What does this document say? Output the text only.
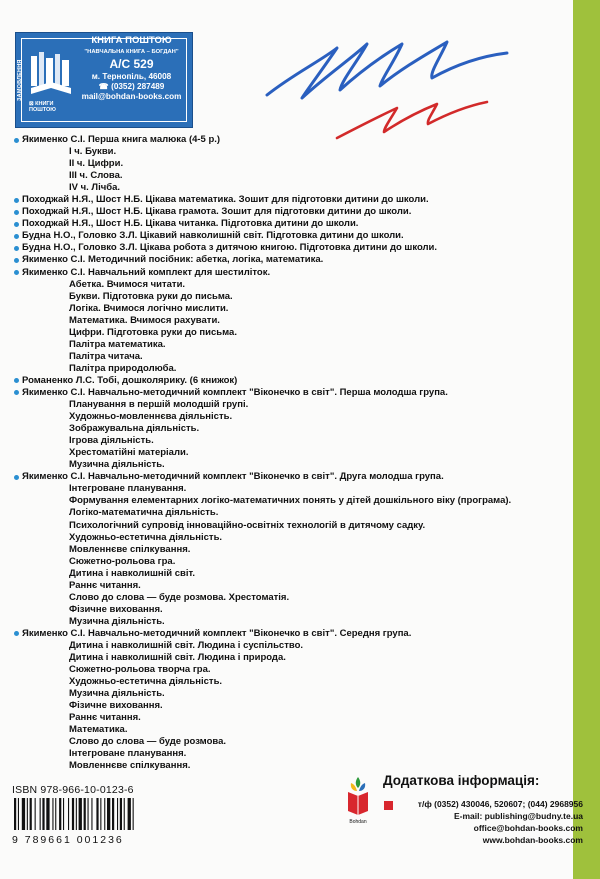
ЗАМОВЛЕННЯ
КНИГА ПОШТОЮ
"НАВЧАЛЬНА КНИГА – БОГДАН"
А/С 529
м. Тернопіль, 46008
☎ (0352) 287489
mail@bohdan-books.com
⊠ КНИГИ ПОШТОЮ
Якименко С.І. Перша книга малюка (4-5 р.)
I ч. Букви.
II ч. Цифри.
III ч. Слова.
IV ч. Лічба.
Походжай Н.Я., Шост Н.Б. Цікава математика. Зошит для підготовки дитини до школи.
Походжай Н.Я., Шост Н.Б. Цікава грамота. Зошит для підготовки дитини до школи.
Походжай Н.Я., Шост Н.Б. Цікава читанка. Підготовка дитини до школи.
Будна Н.О., Головко З.Л. Цікавий навколишній світ. Підготовка дитини до школи.
Будна Н.О., Головко З.Л. Цікава робота з дитячою книгою. Підготовка дитини до школи.
Якименко С.І. Методичний посібник: абетка, логіка, математика.
Якименко С.І. Навчальний комплект для шестиліток.
Абетка. Вчимося читати.
Букви. Підготовка руки до письма.
Логіка. Вчимося логічно мислити.
Математика. Вчимося рахувати.
Цифри. Підготовка руки до письма.
Палітра математика.
Палітра читача.
Палітра природолюба.
Романенко Л.С. Тобі, дошколярику. (6 книжок)
Якименко С.І. Навчально-методичний комплект "Віконечко в світ". Перша молодша група.
Планування в першій молодшій групі.
Художньо-мовленнєва діяльність.
Зображувальна діяльність.
Ігрова діяльність.
Хрестоматійні матеріали.
Музична діяльність.
Якименко С.І. Навчально-методичний комплект "Віконечко в світ". Друга молодша група.
Інтегроване планування.
Формування елементарних логіко-математичних понять у дітей дошкільного віку (програма).
Логіко-математична діяльність.
Психологічний супровід інноваційно-освітніх технологій в дитячому садку.
Художньо-естетична діяльність.
Мовленнєве спілкування.
Сюжетно-рольова гра.
Дитина і навколишній світ.
Раннє читання.
Слово до слова — буде розмова. Хрестоматія.
Фізичне виховання.
Музична діяльність.
Якименко С.І. Навчально-методичний комплект "Віконечко в світ". Середня група.
Дитина і навколишній світ. Людина і суспільство.
Дитина і навколишній світ. Людина і природа.
Сюжетно-рольова творча гра.
Художньо-естетична діяльність.
Музична діяльність.
Фізичне виховання.
Раннє читання.
Математика.
Слово до слова — буде розмова.
Інтегроване планування.
Мовленнєве спілкування.
ISBN 978-966-10-0123-6
9 789661 001236
Bohdan
Додаткова інформація:
т/ф (0352) 430046, 520607; (044) 2968956
E-mail: publishing@budny.te.ua
office@bohdan-books.com
www.bohdan-books.com
